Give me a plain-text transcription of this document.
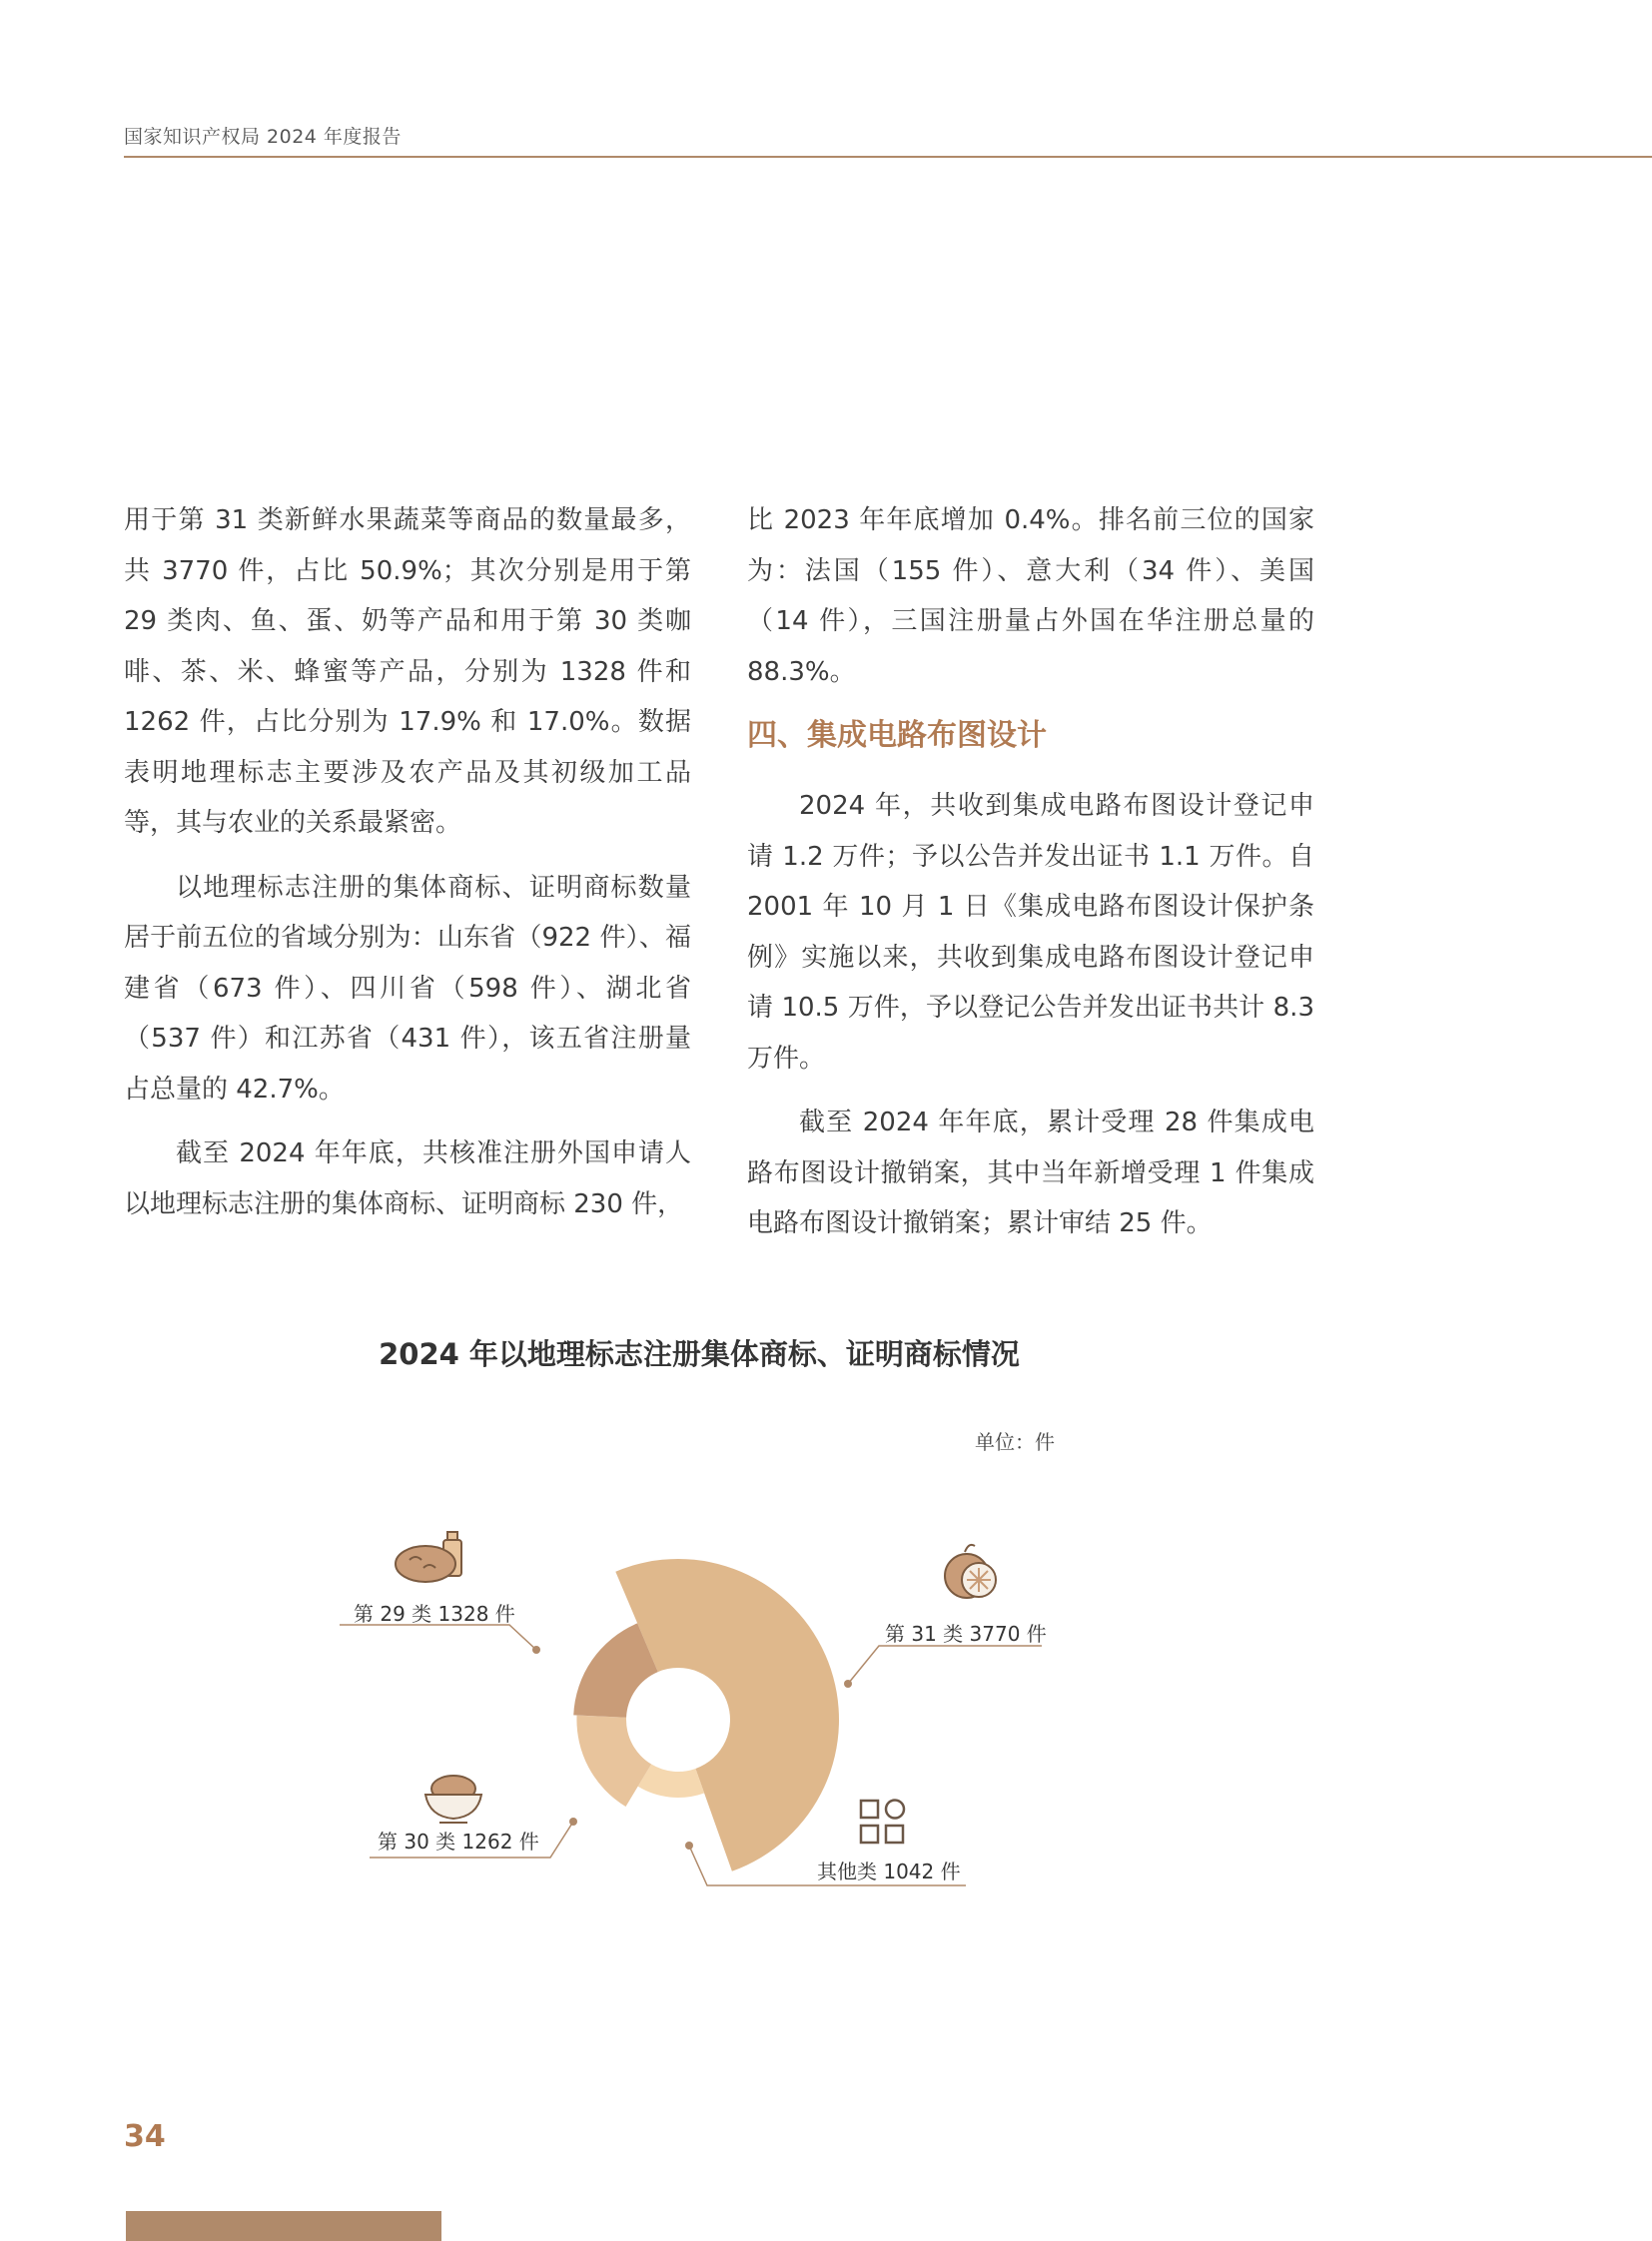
国家知识产权局 2024 年度报告

用于第 31 类新鲜水果蔬菜等商品的数量最多，共 3770 件，占比 50.9%；其次分别是用于第 29 类肉、鱼、蛋、奶等产品和用于第 30 类咖啡、茶、米、蜂蜜等产品，分别为 1328 件和 1262 件，占比分别为 17.9% 和 17.0%。数据表明地理标志主要涉及农产品及其初级加工品等，其与农业的关系最紧密。

以地理标志注册的集体商标、证明商标数量居于前五位的省域分别为：山东省（922 件）、福建省（673 件）、四川省（598 件）、湖北省（537 件）和江苏省（431 件），该五省注册量占总量的 42.7%。

截至 2024 年年底，共核准注册外国申请人以地理标志注册的集体商标、证明商标 230 件，

比 2023 年年底增加 0.4%。排名前三位的国家为：法国（155 件）、意大利（34 件）、美国（14 件），三国注册量占外国在华注册总量的 88.3%。

四、集成电路布图设计

2024 年，共收到集成电路布图设计登记申请 1.2 万件；予以公告并发出证书 1.1 万件。自 2001 年 10 月 1 日《集成电路布图设计保护条例》实施以来，共收到集成电路布图设计登记申请 10.5 万件，予以登记公告并发出证书共计 8.3 万件。

截至 2024 年年底，累计受理 28 件集成电路布图设计撤销案，其中当年新增受理 1 件集成电路布图设计撤销案；累计审结 25 件。

2024 年以地理标志注册集体商标、证明商标情况
单位：件
第 29 类 1328 件
第 31 类 3770 件
第 30 类 1262 件
其他类 1042 件
34
